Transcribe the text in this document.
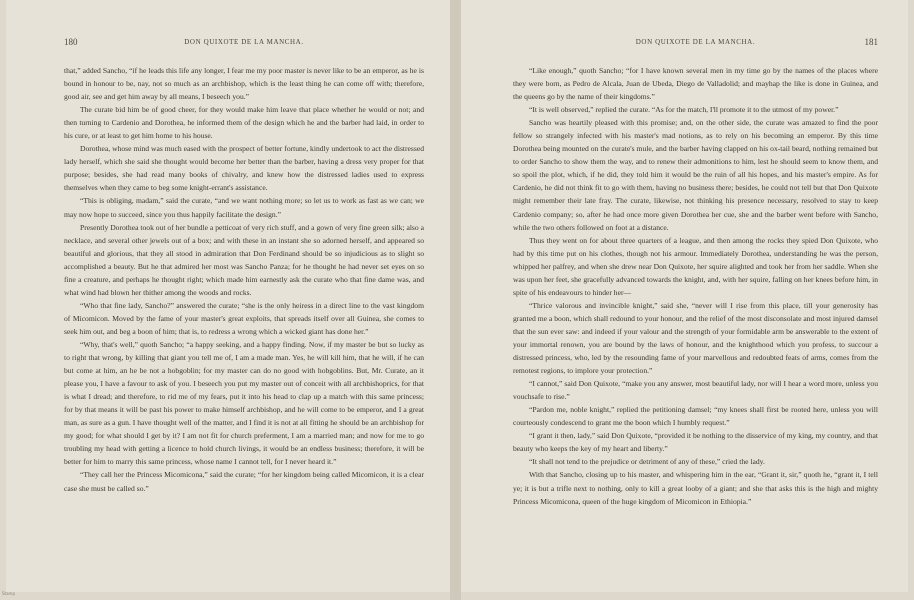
180	DON QUIXOTE DE LA MANCHA.

that,” added Sancho, “if he leads this life any longer, I fear me my poor master is never like to be an emperor, as he is bound in honour to be, nay, not so much as an archbishop, which is the least thing he can come off with; therefore, good air, see and get him away by all means, I beseech you.”

The curate bid him be of good cheer, for they would make him leave that place whether he would or not; and then turning to Cardenio and Dorothea, he informed them of the design which he and the barber had laid, in order to his cure, or at least to get him home to his house.

Dorothea, whose mind was much eased with the prospect of better fortune, kindly undertook to act the distressed lady herself, which she said she thought would become her better than the barber, having a dress very proper for that purpose; besides, she had read many books of chivalry, and knew how the distressed ladies used to express themselves when they came to beg some knight-errant's assistance.

“This is obliging, madam,” said the curate, “and we want nothing more; so let us to work as fast as we can; we may now hope to succeed, since you thus happily facilitate the design.”

Presently Dorothea took out of her bundle a petticoat of very rich stuff, and a gown of very fine green silk; also a necklace, and several other jewels out of a box; and with these in an instant she so adorned herself, and appeared so beautiful and glorious, that they all stood in admiration that Don Ferdinand should be so injudicious as to slight so accomplished a beauty. But he that admired her most was Sancho Panza; for he thought he had never set eyes on so fine a creature, and perhaps he thought right; which made him earnestly ask the curate who that fine dame was, and what wind had blown her thither among the woods and rocks.

“Who that fine lady, Sancho?” answered the curate; “she is the only heiress in a direct line to the vast kingdom of Micomicon. Moved by the fame of your master's great exploits, that spreads itself over all Guinea, she comes to seek him out, and beg a boon of him; that is, to redress a wrong which a wicked giant has done her.”

“Why, that's well,” quoth Sancho; “a happy seeking, and a happy finding. Now, if my master be but so lucky as to right that wrong, by killing that giant you tell me of, I am a made man. Yes, he will kill him, that he will, if he can but come at him, an he be not a hobgoblin; for my master can do no good with hobgoblins. But, Mr. Curate, an it please you, I have a favour to ask of you. I beseech you put my master out of conceit with all archbishoprics, for that is what I dread; and therefore, to rid me of my fears, put it into his head to clap up a match with this same princess; for by that means it will be past his power to make himself archbishop, and he will come to be emperor, and I a great man, as sure as a gun. I have thought well of the matter, and I find it is not at all fitting he should be an archbishop for my good; for what should I get by it? I am not fit for church preferment, I am a married man; and now for me to go troubling my head with getting a licence to hold church livings, it would be an endless business; therefore, it will be better for him to marry this same princess, whose name I cannot tell, for I never heard it.”

“They call her the Princess Micomicona,” said the curate; “for her kingdom being called Micomicon, it is a clear case she must be called so.”

DON QUIXOTE DE LA MANCHA.	181

“Like enough,” quoth Sancho; “for I have known several men in my time go by the names of the places where they were born, as Pedro de Alcala, Juan de Ubeda, Diego de Valladolid; and mayhap the like is done in Guinea, and the queens go by the name of their kingdoms.”

“It is well observed,” replied the curate. “As for the match, I'll promote it to the utmost of my power.”

Sancho was heartily pleased with this promise; and, on the other side, the curate was amazed to find the poor fellow so strangely infected with his master's mad notions, as to rely on his becoming an emperor. By this time Dorothea being mounted on the curate's mule, and the barber having clapped on his ox-tail beard, nothing remained but to order Sancho to show them the way, and to renew their admonitions to him, lest he should seem to know them, and so spoil the plot, which, if he did, they told him it would be the ruin of all his hopes, and his master's empire. As for Cardenio, he did not think fit to go with them, having no business there; besides, he could not tell but that Don Quixote might remember their late fray. The curate, likewise, not thinking his presence necessary, resolved to stay to keep Cardenio company; so, after he had once more given Dorothea her cue, she and the barber went before with Sancho, while the two others followed on foot at a distance.

Thus they went on for about three quarters of a league, and then among the rocks they spied Don Quixote, who had by this time put on his clothes, though not his armour. Immediately Dorothea, understanding he was the person, whipped her palfrey, and when she drew near Don Quixote, her squire alighted and took her from her saddle. When she was upon her feet, she gracefully advanced towards the knight, and, with her squire, falling on her knees before him, in spite of his endeavours to hinder her—

“Thrice valorous and invincible knight,” said she, “never will I rise from this place, till your generosity has granted me a boon, which shall redound to your honour, and the relief of the most disconsolate and most injured damsel that the sun ever saw: and indeed if your valour and the strength of your formidable arm be answerable to the extent of your immortal renown, you are bound by the laws of honour, and the knighthood which you profess, to succour a distressed princess, who, led by the resounding fame of your marvellous and redoubted feats of arms, comes from the remotest regions, to implore your protection.”

“I cannot,” said Don Quixote, “make you any answer, most beautiful lady, nor will I hear a word more, unless you vouchsafe to rise.”

“Pardon me, noble knight,” replied the petitioning damsel; “my knees shall first be rooted here, unless you will courteously condescend to grant me the boon which I humbly request.”

“I grant it then, lady,” said Don Quixote, “provided it be nothing to the disservice of my king, my country, and that beauty who keeps the key of my heart and liberty.”

“It shall not tend to the prejudice or detriment of any of these,” cried the lady.

With that Sancho, closing up to his master, and whispering him in the ear, “Grant it, sir,” quoth he, “grant it, I tell ye; it is but a trifle next to nothing, only to kill a great looby of a giant; and she that asks this is the high and mighty Princess Micomicona, queen of the huge kingdom of Micomicon in Ethiopia.”

Stamp
